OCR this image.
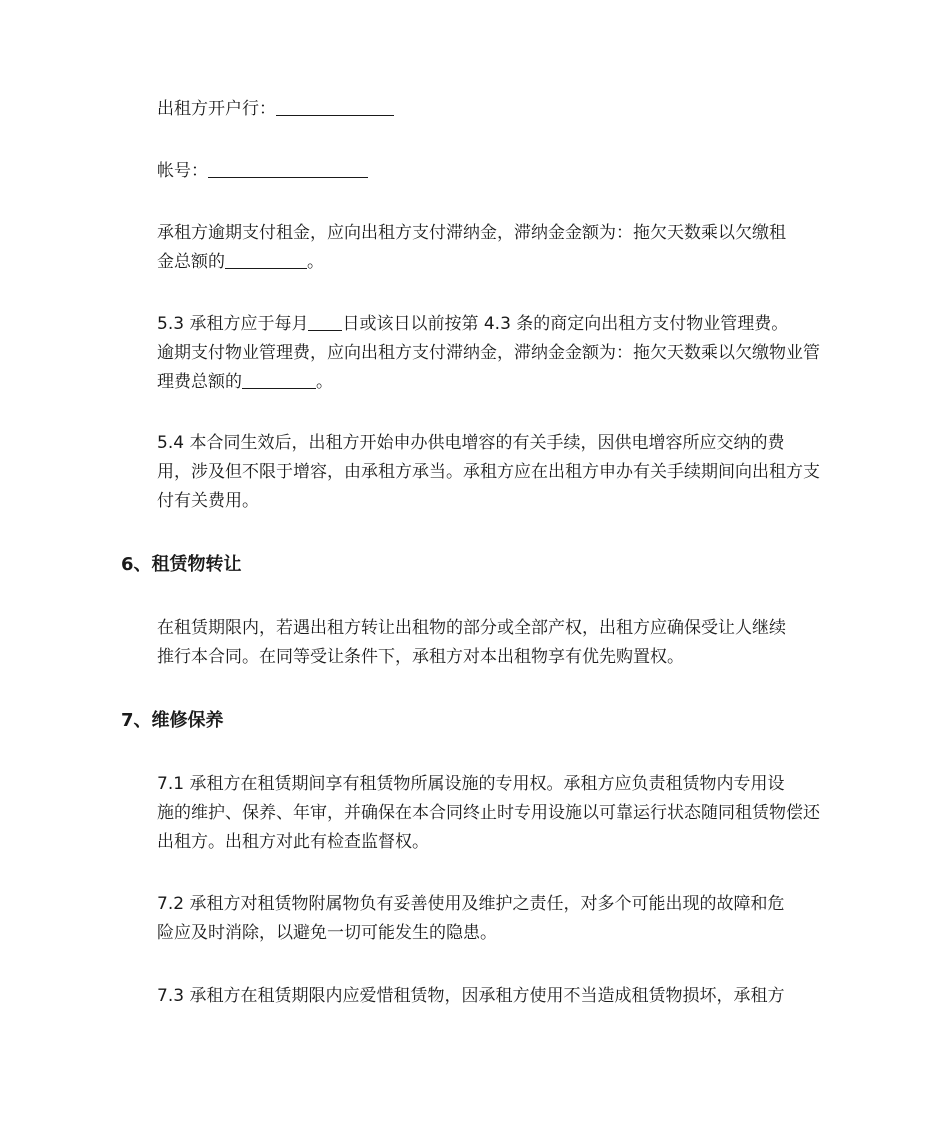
出租方开户行：

帐号：

承租方逾期支付租金，应向出租方支付滞纳金，滞纳金金额为：拖欠天数乘以欠缴租
金总额的	。

5.3 承租方应于每月 日或该日以前按第 4.3 条的商定向出租方支付物业管理费。
逾期支付物业管理费，应向出租方支付滞纳金，滞纳金金额为：拖欠天数乘以欠缴物业管
理费总额的	。

5.4 本合同生效后，出租方开始申办供电增容的有关手续，因供电增容所应交纳的费
用，涉及但不限于增容，由承租方承当。承租方应在出租方申办有关手续期间向出租方支
付有关费用。

6、租赁物转让

在租赁期限内，若遇出租方转让出租物的部分或全部产权，出租方应确保受让人继续
推行本合同。在同等受让条件下，承租方对本出租物享有优先购置权。

7、维修保养

7.1 承租方在租赁期间享有租赁物所属设施的专用权。承租方应负责租赁物内专用设
施的维护、保养、年审，并确保在本合同终止时专用设施以可靠运行状态随同租赁物偿还
出租方。出租方对此有检查监督权。

7.2 承租方对租赁物附属物负有妥善使用及维护之责任，对多个可能出现的故障和危
险应及时消除，以避免一切可能发生的隐患。

7.3 承租方在租赁期限内应爱惜租赁物，因承租方使用不当造成租赁物损坏，承租方
